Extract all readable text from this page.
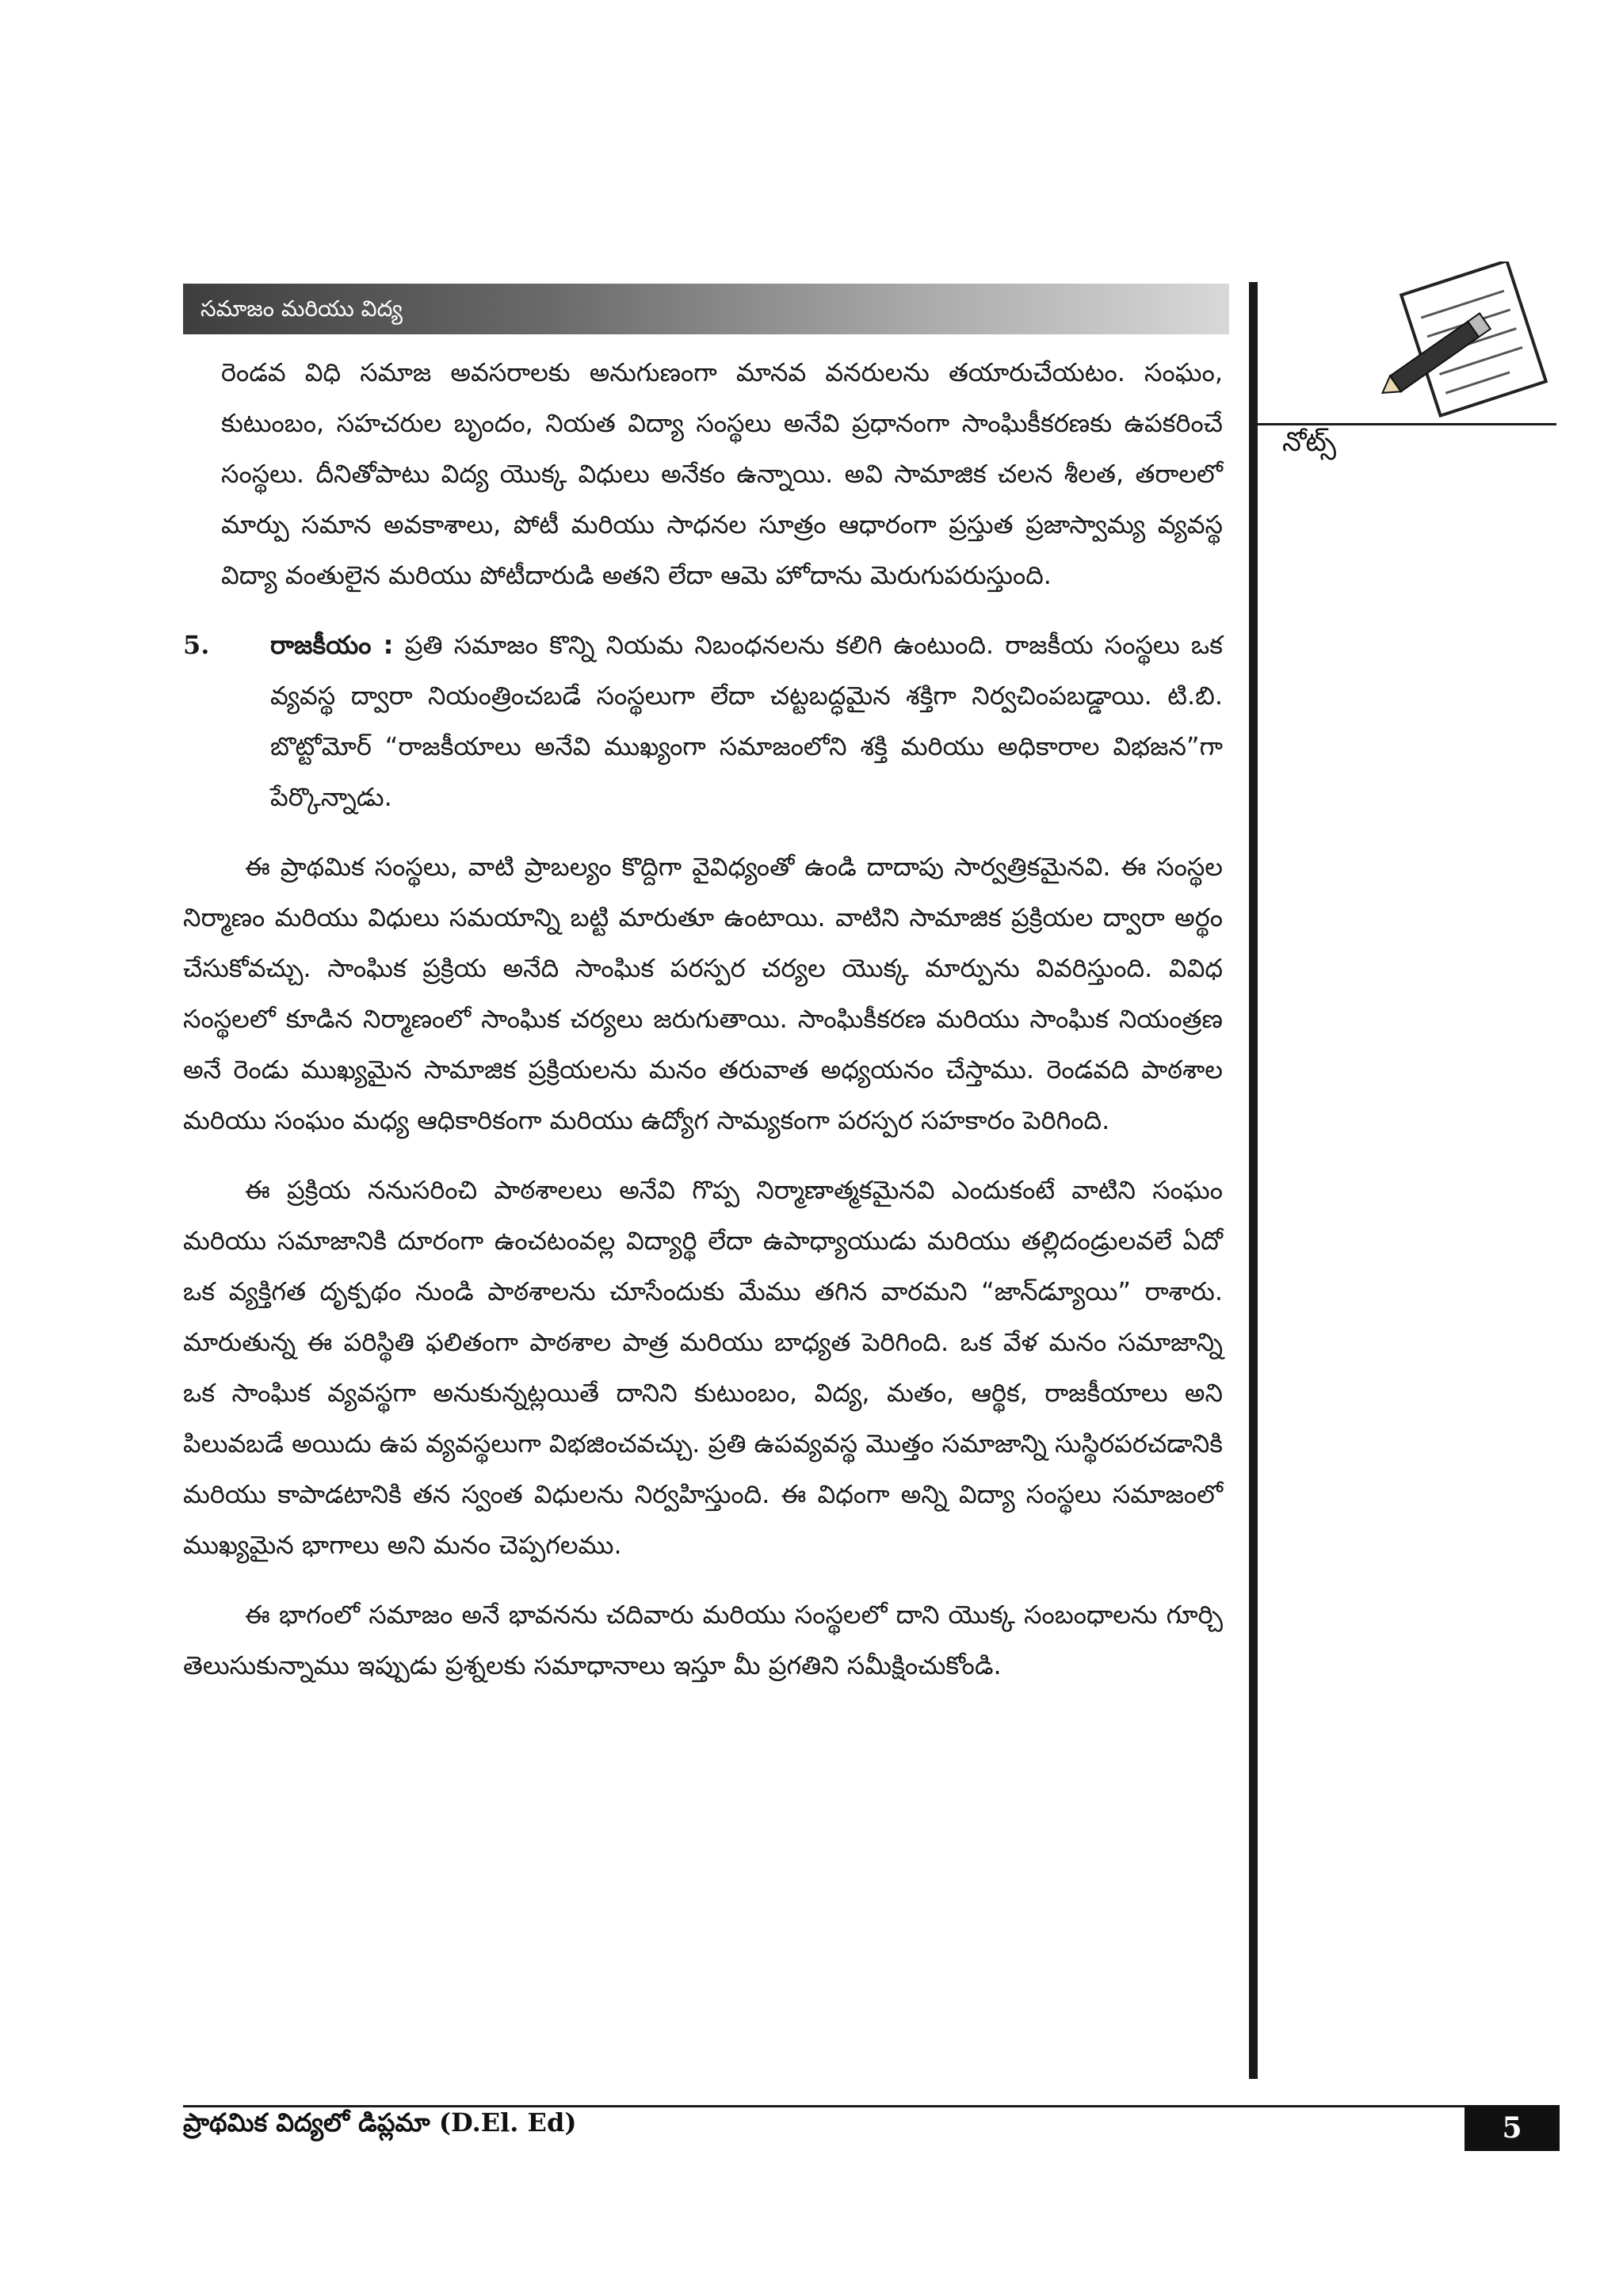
సమాజం మరియు విద్య
నోట్స్

రెండవ విధి సమాజ అవసరాలకు అనుగుణంగా మానవ వనరులను తయారుచేయటం. సంఘం, కుటుంబం, సహచరుల బృందం, నియత విద్యా సంస్థలు అనేవి ప్రధానంగా సాంఘికీకరణకు ఉపకరించే సంస్థలు. దీనితోపాటు విద్య యొక్క విధులు అనేకం ఉన్నాయి. అవి సామాజిక చలన శీలత, తరాలలో మార్పు సమాన అవకాశాలు, పోటీ మరియు సాధనల సూత్రం ఆధారంగా ప్రస్తుత ప్రజాస్వామ్య వ్యవస్థ విద్యా వంతులైన మరియు పోటీదారుడి అతని లేదా ఆమె హోదాను మెరుగుపరుస్తుంది.

5.	రాజకీయం : ప్రతి సమాజం కొన్ని నియమ నిబంధనలను కలిగి ఉంటుంది. రాజకీయ సంస్థలు ఒక వ్యవస్థ ద్వారా నియంత్రించబడే సంస్థలుగా లేదా చట్టబద్ధమైన శక్తిగా నిర్వచింపబడ్డాయి. టి.బి. బొట్టోమోర్ “రాజకీయాలు అనేవి ముఖ్యంగా సమాజంలోని శక్తి మరియు అధికారాల విభజన”గా పేర్కొన్నాడు.

ఈ ప్రాథమిక సంస్థలు, వాటి ప్రాబల్యం కొద్దిగా వైవిధ్యంతో ఉండి దాదాపు సార్వత్రికమైనవి. ఈ సంస్థల నిర్మాణం మరియు విధులు సమయాన్ని బట్టి మారుతూ ఉంటాయి. వాటిని సామాజిక ప్రక్రియల ద్వారా అర్థం చేసుకోవచ్చు. సాంఘిక ప్రక్రియ అనేది సాంఘిక పరస్పర చర్యల యొక్క మార్పును వివరిస్తుంది. వివిధ సంస్థలలో కూడిన నిర్మాణంలో సాంఘిక చర్యలు జరుగుతాయి. సాంఘికీకరణ మరియు సాంఘిక నియంత్రణ అనే రెండు ముఖ్యమైన సామాజిక ప్రక్రియలను మనం తరువాత అధ్యయనం చేస్తాము. రెండవది పాఠశాల మరియు సంఘం మధ్య ఆధికారికంగా మరియు ఉద్యోగ సామ్యకంగా పరస్పర సహకారం పెరిగింది.

ఈ ప్రక్రియ ననుసరించి పాఠశాలలు అనేవి గొప్ప నిర్మాణాత్మకమైనవి ఎందుకంటే వాటిని సంఘం మరియు సమాజానికి దూరంగా ఉంచటంవల్ల విద్యార్థి లేదా ఉపాధ్యాయుడు మరియు తల్లిదండ్రులవలే ఏదో ఒక వ్యక్తిగత దృక్పథం నుండి పాఠశాలను చూసేందుకు మేము తగిన వారమని “జాన్‌డ్యూయి” రాశారు. మారుతున్న ఈ పరిస్థితి ఫలితంగా పాఠశాల పాత్ర మరియు బాధ్యత పెరిగింది. ఒక వేళ మనం సమాజాన్ని ఒక సాంఘిక వ్యవస్థగా అనుకున్నట్లయితే దానిని కుటుంబం, విద్య, మతం, ఆర్థిక, రాజకీయాలు అని పిలువబడే అయిదు ఉప వ్యవస్థలుగా విభజించవచ్చు. ప్రతి ఉపవ్యవస్థ మొత్తం సమాజాన్ని సుస్థిరపరచడానికి మరియు కాపాడటానికి తన స్వంత విధులను నిర్వహిస్తుంది. ఈ విధంగా అన్ని విద్యా సంస్థలు సమాజంలో ముఖ్యమైన భాగాలు అని మనం చెప్పగలము.

ఈ భాగంలో సమాజం అనే భావనను చదివారు మరియు సంస్థలలో దాని యొక్క సంబంధాలను గూర్చి తెలుసుకున్నాము ఇప్పుడు ప్రశ్నలకు సమాధానాలు ఇస్తూ మీ ప్రగతిని సమీక్షించుకోండి.

ప్రాథమిక విద్యలో డిప్లమా (D.El. Ed)	5
